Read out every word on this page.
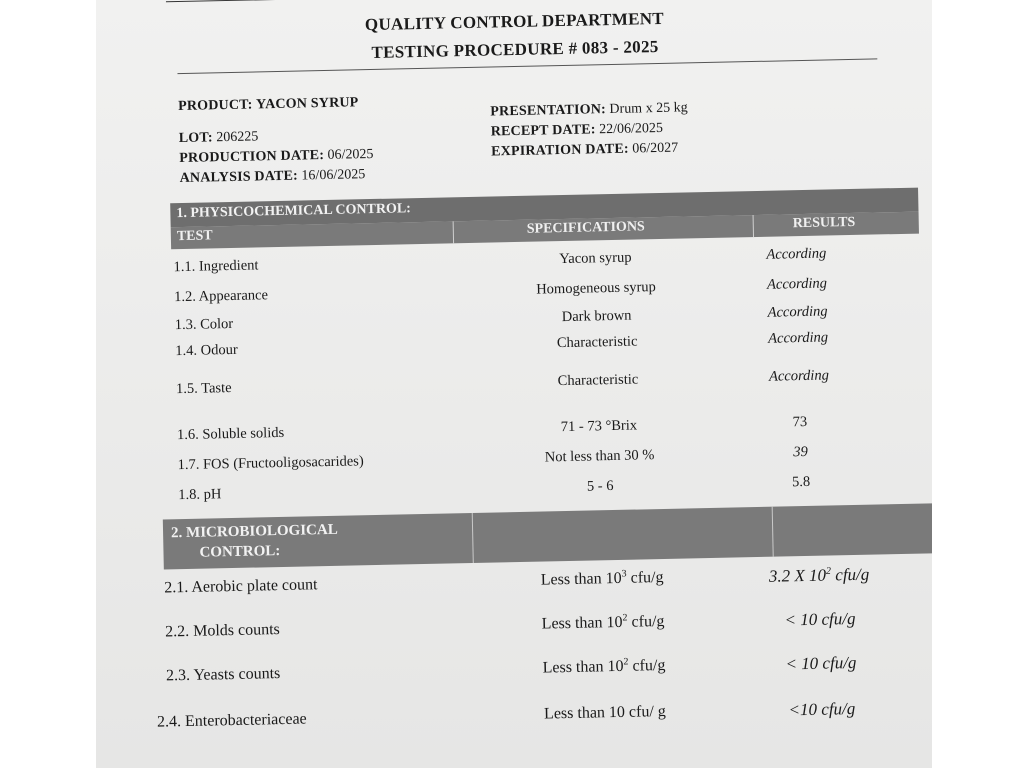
QUALITY CONTROL DEPARTMENT
TESTING PROCEDURE # 083 - 2025
PRODUCT: YACON SYRUP
LOT: 206225
PRODUCTION DATE: 06/2025
ANALYSIS DATE: 16/06/2025
PRESENTATION: Drum x 25 kg
RECEPT DATE: 22/06/2025
EXPIRATION DATE: 06/2027
1. PHYSICOCHEMICAL CONTROL:
TEST	SPECIFICATIONS	RESULTS
1.1. Ingredient	Yacon syrup	According
1.2. Appearance	Homogeneous syrup	According
1.3. Color	Dark brown	According
1.4. Odour	Characteristic	According
1.5. Taste	Characteristic	According
1.6. Soluble solids	71 - 73 °Brix	73
1.7. FOS (Fructooligosacarides)	Not less than 30 %	39
1.8. pH	5 - 6	5.8
2. MICROBIOLOGICAL
CONTROL:
2.1. Aerobic plate count	Less than $10^3$ cfu/g	3.2 X $10^2$ cfu/g
2.2. Molds counts	Less than $10^2$ cfu/g	< 10 cfu/g
2.3. Yeasts counts	Less than $10^2$ cfu/g	< 10 cfu/g
2.4. Enterobacteriaceae	Less than 10 cfu/ g	<10 cfu/g
